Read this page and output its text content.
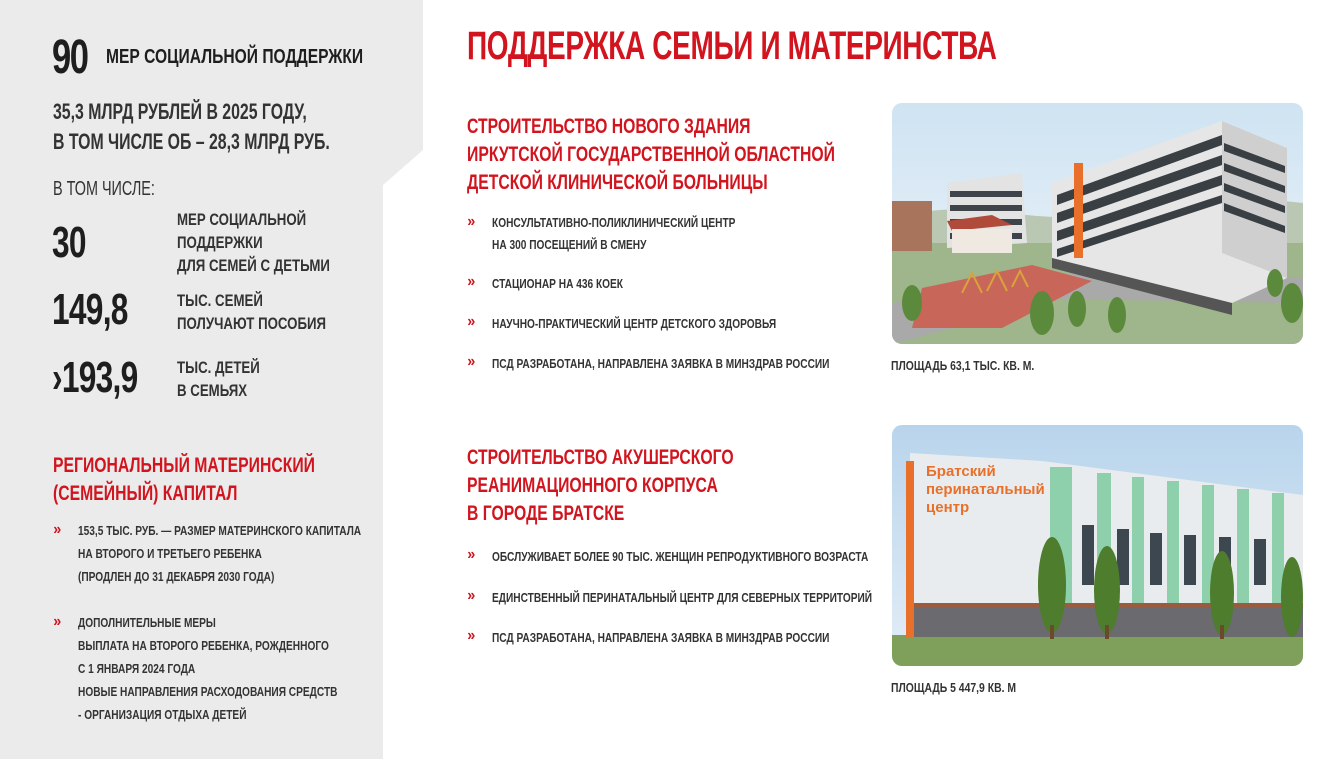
90 МЕР СОЦИАЛЬНОЙ ПОДДЕРЖКИ
35,3 МЛРД РУБЛЕЙ В 2025 ГОДУ,
В ТОМ ЧИСЛЕ ОБ – 28,3 МЛРД РУБ.
В ТОМ ЧИСЛЕ:
30	МЕР СОЦИАЛЬНОЙ
ПОДДЕРЖКИ
ДЛЯ СЕМЕЙ С ДЕТЬМИ
149,8	ТЫС. СЕМЕЙ
ПОЛУЧАЮТ ПОСОБИЯ
›193,9 ТЫС. ДЕТЕЙ
В СЕМЬЯХ
РЕГИОНАЛЬНЫЙ МАТЕРИНСКИЙ
(СЕМЕЙНЫЙ) КАПИТАЛ
» 153,5 ТЫС. РУБ. — РАЗМЕР МАТЕРИНСКОГО КАПИТАЛА
НА ВТОРОГО И ТРЕТЬЕГО РЕБЕНКА
(ПРОДЛЕН ДО 31 ДЕКАБРЯ 2030 ГОДА)
» ДОПОЛНИТЕЛЬНЫЕ МЕРЫ
ВЫПЛАТА НА ВТОРОГО РЕБЕНКА, РОЖДЕННОГО
С 1 ЯНВАРЯ 2024 ГОДА
НОВЫЕ НАПРАВЛЕНИЯ РАСХОДОВАНИЯ СРЕДСТВ
- ОРГАНИЗАЦИЯ ОТДЫХА ДЕТЕЙ
ПОДДЕРЖКА СЕМЬИ И МАТЕРИНСТВА
СТРОИТЕЛЬСТВО НОВОГО ЗДАНИЯ
ИРКУТСКОЙ ГОСУДАРСТВЕННОЙ ОБЛАСТНОЙ
ДЕТСКОЙ КЛИНИЧЕСКОЙ БОЛЬНИЦЫ
» КОНСУЛЬТАТИВНО-ПОЛИКЛИНИЧЕСКИЙ ЦЕНТР
НА 300 ПОСЕЩЕНИЙ В СМЕНУ
» СТАЦИОНАР НА 436 КОЕК
» НАУЧНО-ПРАКТИЧЕСКИЙ ЦЕНТР ДЕТСКОГО ЗДОРОВЬЯ
» ПСД РАЗРАБОТАНА, НАПРАВЛЕНА ЗАЯВКА В МИНЗДРАВ РОССИИ	ПЛОЩАДЬ 63,1 ТЫС. КВ. М.
СТРОИТЕЛЬСТВО АКУШЕРСКОГО
РЕАНИМАЦИОННОГО КОРПУСА
В ГОРОДЕ БРАТСКЕ
» ОБСЛУЖИВАЕТ БОЛЕЕ 90 ТЫС. ЖЕНЩИН РЕПРОДУКТИВНОГО ВОЗРАСТА
» ЕДИНСТВЕННЫЙ ПЕРИНАТАЛЬНЫЙ ЦЕНТР ДЛЯ СЕВЕРНЫХ ТЕРРИТОРИЙ
» ПСД РАЗРАБОТАНА, НАПРАВЛЕНА ЗАЯВКА В МИНЗДРАВ РОССИИ
Братский
перинатальный
центр
ПЛОЩАДЬ 5 447,9 КВ. М
